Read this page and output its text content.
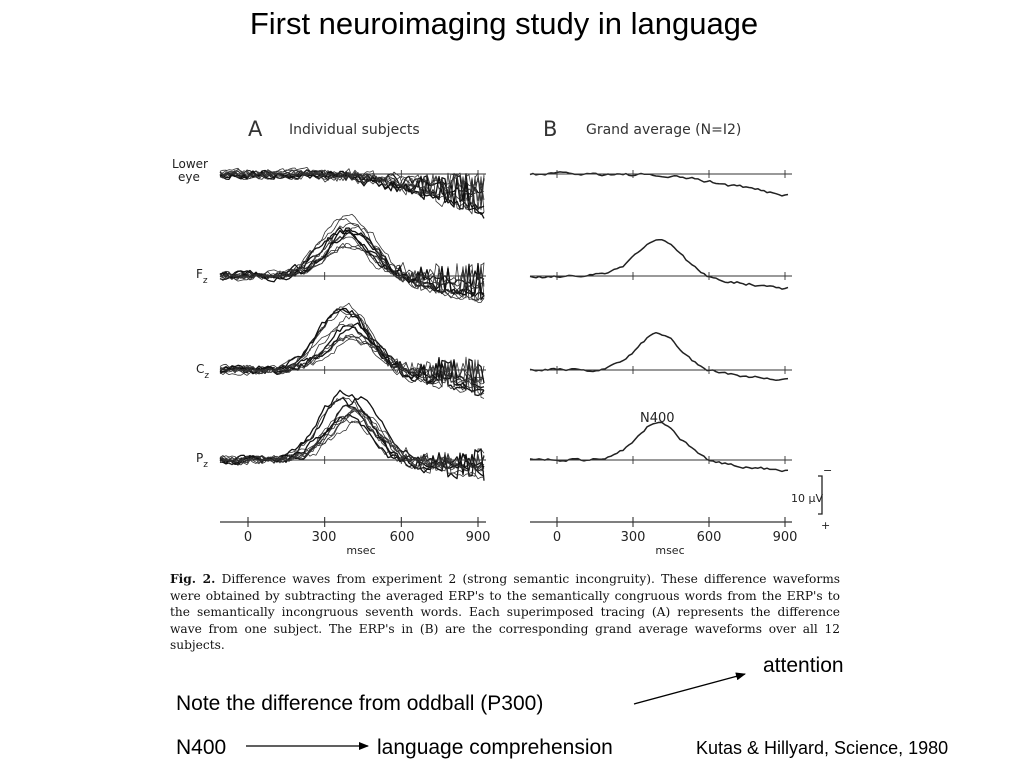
First neuroimaging study in language
A Individual subjects	B Grand average (N=I2)
Lower
eye
$F_z$
$C_z$
$P_z$
N400
−
10 μV
+
0	300	600	900
msec
0	300	600	900
msec
Fig. 2. Difference waves from experiment 2 (strong semantic incongruity). These difference waveforms were obtained by subtracting the averaged ERP's to the semantically congruous words from the ERP's to the semantically incongruous seventh words. Each superimposed tracing (A) represents the difference wave from one subject. The ERP's in (B) are the corresponding grand average waveforms over all 12 subjects.
attention
Note the difference from oddball (P300)
N400	language comprehension	Kutas & Hillyard, Science, 1980
